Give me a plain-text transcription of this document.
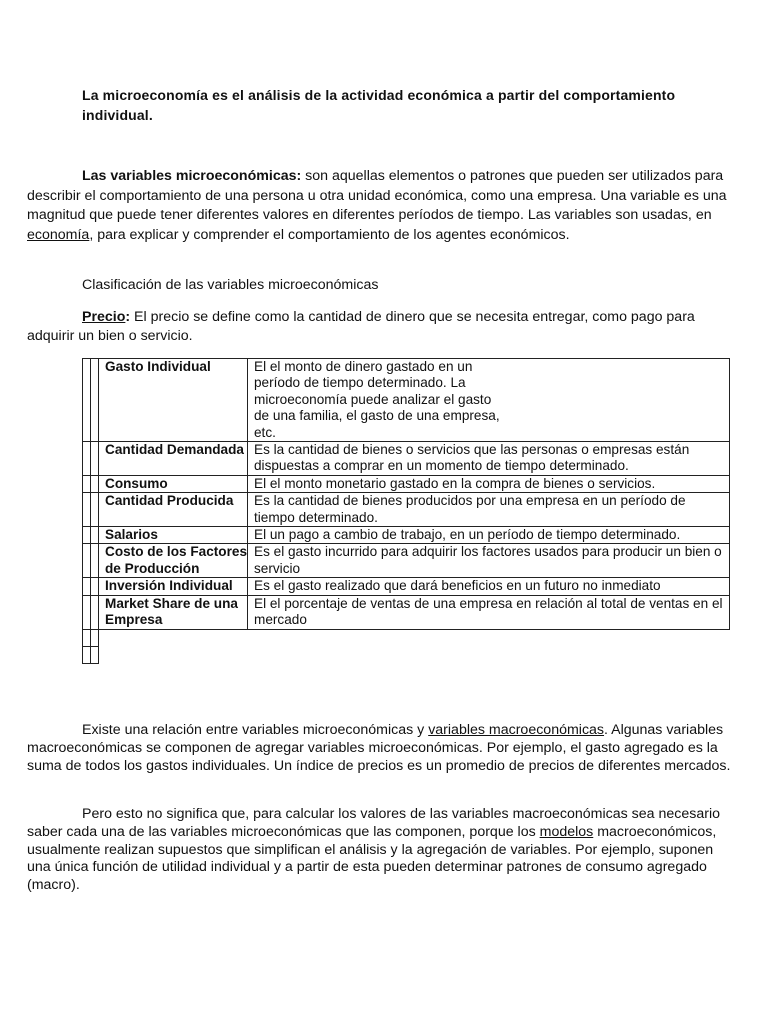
La microeconomía es el análisis de la actividad económica a partir del comportamiento individual.

Las variables microeconómicas: son aquellas elementos o patrones que pueden ser utilizados para describir el comportamiento de una persona u otra unidad económica, como una empresa. Una variable es una magnitud que puede tener diferentes valores en diferentes períodos de tiempo. Las variables son usadas, en economía, para explicar y comprender el comportamiento de los agentes económicos.

Clasificación de las variables microeconómicas

Precio: El precio se define como la cantidad de dinero que se necesita entregar, como pago para adquirir un bien o servicio.

		Gasto Individual	El el monto de dinero gastado en un período de tiempo determinado. La microeconomía puede analizar el gasto de una familia, el gasto de una empresa, etc.

		Cantidad Demandada	Es la cantidad de bienes o servicios que las personas o empresas están dispuestas a comprar en un momento de tiempo determinado.
		Consumo	El el monto monetario gastado en la compra de bienes o servicios.
		Cantidad Producida	Es la cantidad de bienes producidos por una empresa en un período de tiempo determinado.
		Salarios	El un pago a cambio de trabajo, en un período de tiempo determinado.
		Costo de los Factores de Producción	Es el gasto incurrido para adquirir los factores usados para producir un bien o servicio
		Inversión Individual	Es el gasto realizado que dará beneficios en un futuro no inmediato
		Market Share de una Empresa	El el porcentaje de ventas de una empresa en relación al total de ventas en el mercado

Existe una relación entre variables microeconómicas y variables macroeconómicas. Algunas variables macroeconómicas se componen de agregar variables microeconómicas. Por ejemplo, el gasto agregado es la suma de todos los gastos individuales. Un índice de precios es un promedio de precios de diferentes mercados.

Pero esto no significa que, para calcular los valores de las variables macroeconómicas sea necesario saber cada una de las variables microeconómicas que las componen, porque los modelos macroeconómicos, usualmente realizan supuestos que simplifican el análisis y la agregación de variables. Por ejemplo, suponen una única función de utilidad individual y a partir de esta pueden determinar patrones de consumo agregado (macro).
